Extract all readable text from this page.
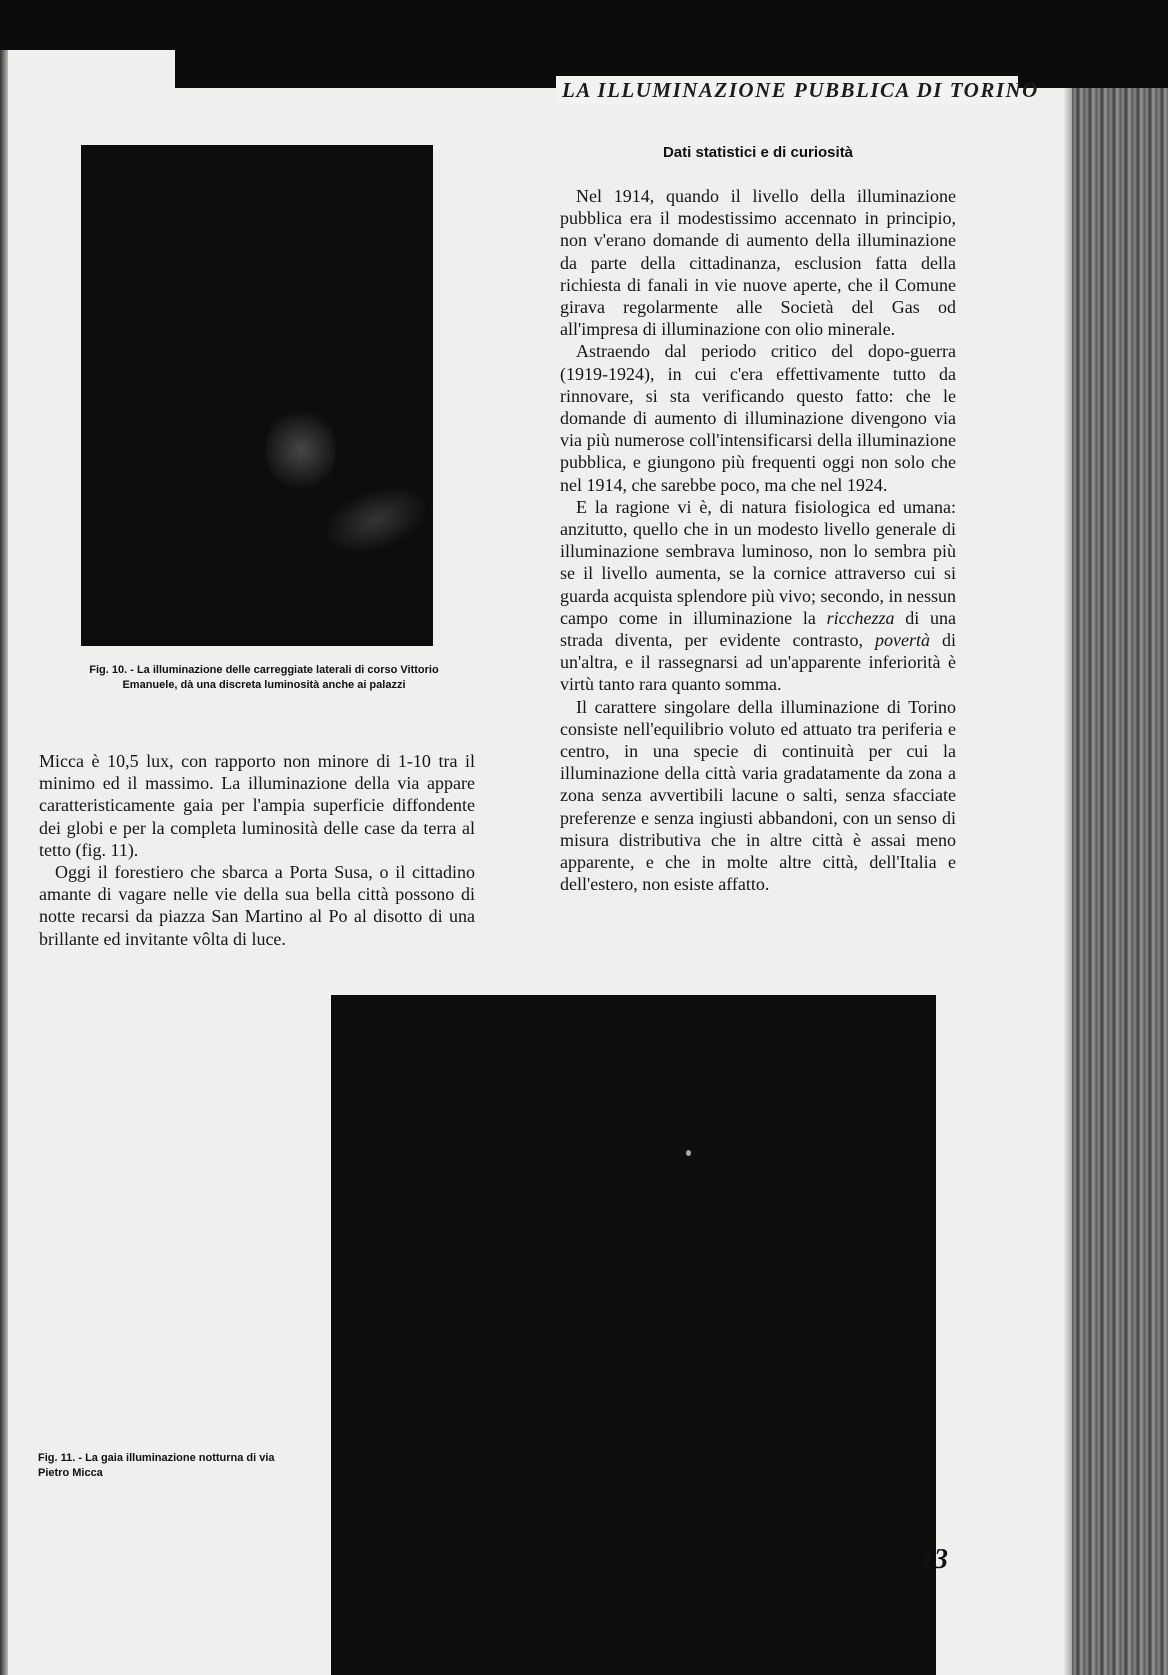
LA ILLUMINAZIONE PUBBLICA DI TORINO
Fig. 10. - La illuminazione delle carreggiate laterali di corso Vittorio Emanuele, dà una discreta luminosità anche ai palazzi

Micca è 10,5 lux, con rapporto non minore di 1-10 tra il minimo ed il massimo. La illuminazione della via appare caratteristicamente gaia per l'ampia superficie diffondente dei globi e per la completa luminosità delle case da terra al tetto (fig. 11).

Oggi il forestiero che sbarca a Porta Susa, o il cittadino amante di vagare nelle vie della sua bella città possono di notte recarsi da piazza San Martino al Po al disotto di una brillante ed invitante vôlta di luce.

Dati statistici e di curiosità

Nel 1914, quando il livello della illuminazione pubblica era il modestissimo accennato in principio, non v'erano domande di aumento della illuminazione da parte della cittadinanza, esclusion fatta della richiesta di fanali in vie nuove aperte, che il Comune girava regolarmente alle Società del Gas od all'impresa di illuminazione con olio minerale.

Astraendo dal periodo critico del dopo-guerra (1919-1924), in cui c'era effettivamente tutto da rinnovare, si sta verificando questo fatto: che le domande di aumento di illuminazione divengono via via più numerose coll'intensificarsi della illuminazione pubblica, e giungono più frequenti oggi non solo che nel 1914, che sarebbe poco, ma che nel 1924.

E la ragione vi è, di natura fisiologica ed umana: anzitutto, quello che in un modesto livello generale di illuminazione sembrava luminoso, non lo sembra più se il livello aumenta, se la cornice attraverso cui si guarda acquista splendore più vivo; secondo, in nessun campo come in illuminazione la ricchezza di una strada diventa, per evidente contrasto, povertà di un'altra, e il rassegnarsi ad un'apparente inferiorità è virtù tanto rara quanto somma.

Il carattere singolare della illuminazione di Torino consiste nell'equilibrio voluto ed attuato tra periferia e centro, in una specie di continuità per cui la illuminazione della città varia gradatamente da zona a zona senza avvertibili lacune o salti, senza sfacciate preferenze e senza ingiusti abbandoni, con un senso di misura distributiva che in altre città è assai meno apparente, e che in molte altre città, dell'Italia e dell'estero, non esiste affatto.

Fig. 11. - La gaia illuminazione notturna di via Pietro Micca
13
